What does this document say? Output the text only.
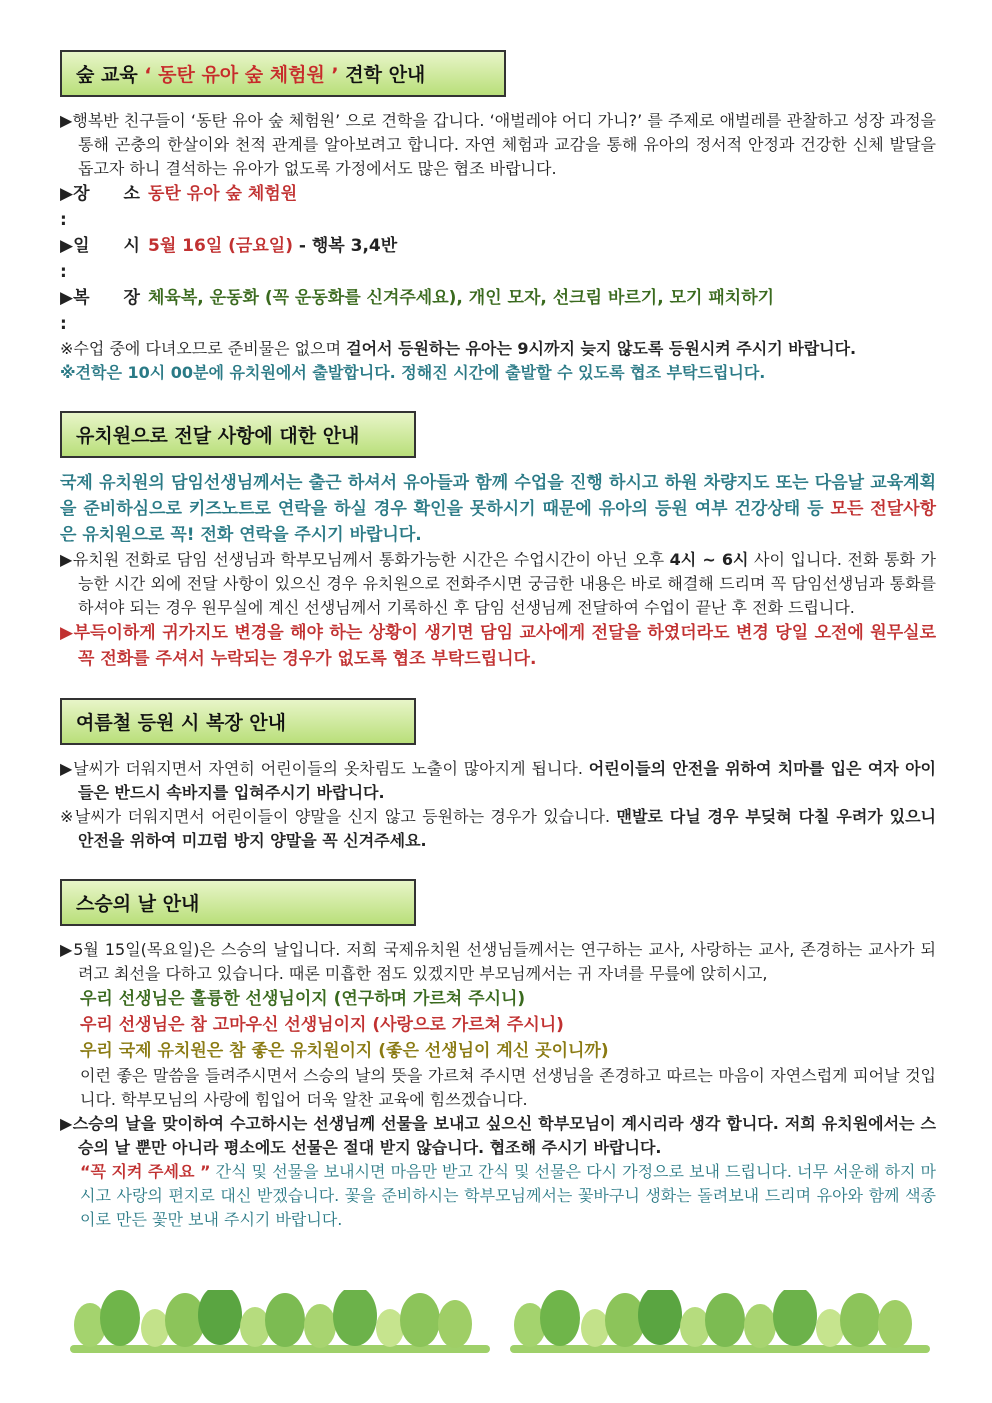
숲 교육 ‘ 동탄 유아 숲 체험원 ’ 견학 안내

▶행복반 친구들이 ‘동탄 유아 숲 체험원’ 으로 견학을 갑니다. ‘애벌레야 어디 가니?’ 를 주제로 애벌레를 관찰하고 성장 과정을 통해 곤충의 한살이와 천적 관계를 알아보려고 합니다. 자연 체험과 교감을 통해 유아의 정서적 안정과 건강한 신체 발달을 돕고자 하니 결석하는 유아가 없도록 가정에서도 많은 협조 바랍니다.

▶장　　소 :
동탄 유아 숲 체험원
▶일　　시 :
5월 16일 (금요일) - 행복 3,4반
▶복　　장 :
체육복, 운동화 (꼭 운동화를 신겨주세요), 개인 모자, 선크림 바르기, 모기 패치하기

※수업 중에 다녀오므로 준비물은 없으며 걸어서 등원하는 유아는 9시까지 늦지 않도록 등원시켜 주시기 바랍니다.

※견학은 10시 00분에 유치원에서 출발합니다. 정해진 시간에 출발할 수 있도록 협조 부탁드립니다.

유치원으로 전달 사항에 대한 안내

국제 유치원의 담임선생님께서는 출근 하셔서 유아들과 함께 수업을 진행 하시고 하원 차량지도 또는 다음날 교육계획을 준비하심으로 키즈노트로 연락을 하실 경우 확인을 못하시기 때문에 유아의 등원 여부 건강상태 등 모든 전달사항은 유치원으로 꼭! 전화 연락을 주시기 바랍니다.

▶유치원 전화로 담임 선생님과 학부모님께서 통화가능한 시간은 수업시간이 아닌 오후 4시 ~ 6시 사이 입니다. 전화 통화 가능한 시간 외에 전달 사항이 있으신 경우 유치원으로 전화주시면 궁금한 내용은 바로 해결해 드리며 꼭 담임선생님과 통화를 하셔야 되는 경우 원무실에 계신 선생님께서 기록하신 후 담임 선생님께 전달하여 수업이 끝난 후 전화 드립니다.

▶부득이하게 귀가지도 변경을 해야 하는 상황이 생기면 담임 교사에게 전달을 하였더라도 변경 당일 오전에 원무실로 꼭 전화를 주셔서 누락되는 경우가 없도록 협조 부탁드립니다.

여름철 등원 시 복장 안내

▶날씨가 더워지면서 자연히 어린이들의 옷차림도 노출이 많아지게 됩니다. 어린이들의 안전을 위하여 치마를 입은 여자 아이들은 반드시 속바지를 입혀주시기 바랍니다.

※날씨가 더워지면서 어린이들이 양말을 신지 않고 등원하는 경우가 있습니다. 맨발로 다닐 경우 부딪혀 다칠 우려가 있으니 안전을 위하여 미끄럼 방지 양말을 꼭 신겨주세요.

스승의 날 안내

▶5월 15일(목요일)은 스승의 날입니다. 저희 국제유치원 선생님들께서는 연구하는 교사, 사랑하는 교사, 존경하는 교사가 되려고 최선을 다하고 있습니다. 때론 미흡한 점도 있겠지만 부모님께서는 귀 자녀를 무릎에 앉히시고,

우리 선생님은 훌륭한 선생님이지 (연구하며 가르쳐 주시니)

우리 선생님은 참 고마우신 선생님이지 (사랑으로 가르쳐 주시니)

우리 국제 유치원은 참 좋은 유치원이지 (좋은 선생님이 계신 곳이니까)

이런 좋은 말씀을 들려주시면서 스승의 날의 뜻을 가르쳐 주시면 선생님을 존경하고 따르는 마음이 자연스럽게 피어날 것입니다. 학부모님의 사랑에 힘입어 더욱 알찬 교육에 힘쓰겠습니다.

▶스승의 날을 맞이하여 수고하시는 선생님께 선물을 보내고 싶으신 학부모님이 계시리라 생각 합니다. 저희 유치원에서는 스승의 날 뿐만 아니라 평소에도 선물은 절대 받지 않습니다. 협조해 주시기 바랍니다.

“꼭 지켜 주세요 ” 간식 및 선물을 보내시면 마음만 받고 간식 및 선물은 다시 가정으로 보내 드립니다. 너무 서운해 하지 마시고 사랑의 편지로 대신 받겠습니다. 꽃을 준비하시는 학부모님께서는 꽃바구니 생화는 돌려보내 드리며 유아와 함께 색종이로 만든 꽃만 보내 주시기 바랍니다.
